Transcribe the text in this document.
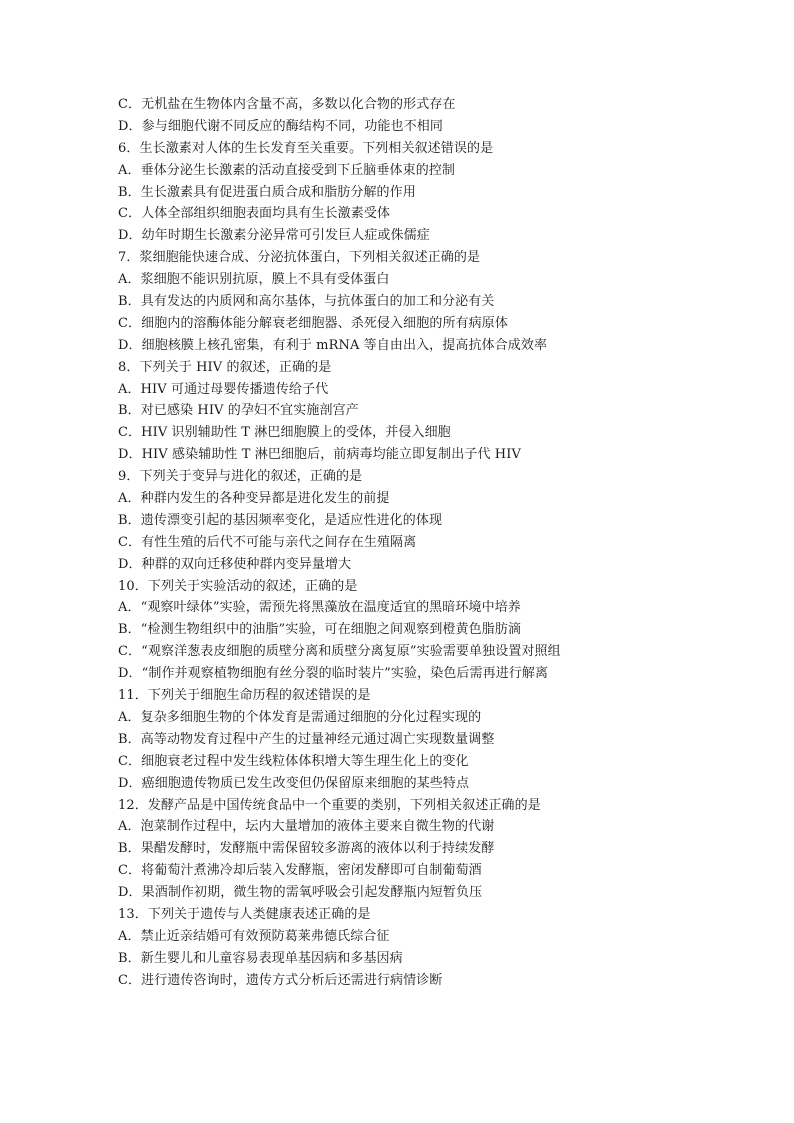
C．无机盐在生物体内含量不高，多数以化合物的形式存在
D．参与细胞代谢不同反应的酶结构不同，功能也不相同
6．生长激素对人体的生长发育至关重要。下列相关叙述错误的是
A．垂体分泌生长激素的活动直接受到下丘脑垂体束的控制
B．生长激素具有促进蛋白质合成和脂肪分解的作用
C．人体全部组织细胞表面均具有生长激素受体
D．幼年时期生长激素分泌异常可引发巨人症或侏儒症
7．浆细胞能快速合成、分泌抗体蛋白，下列相关叙述正确的是
A．浆细胞不能识别抗原，膜上不具有受体蛋白
B．具有发达的内质网和高尔基体，与抗体蛋白的加工和分泌有关
C．细胞内的溶酶体能分解衰老细胞器、杀死侵入细胞的所有病原体
D．细胞核膜上核孔密集，有利于 mRNA 等自由出入，提高抗体合成效率
8．下列关于 HIV 的叙述，正确的是
A．HIV 可通过母婴传播遗传给子代
B．对已感染 HIV 的孕妇不宜实施剖宫产
C．HIV 识别辅助性 T 淋巴细胞膜上的受体，并侵入细胞
D．HIV 感染辅助性 T 淋巴细胞后，前病毒均能立即复制出子代 HIV
9．下列关于变异与进化的叙述，正确的是
A．种群内发生的各种变异都是进化发生的前提
B．遗传漂变引起的基因频率变化，是适应性进化的体现
C．有性生殖的后代不可能与亲代之间存在生殖隔离
D．种群的双向迁移使种群内变异量增大
10．下列关于实验活动的叙述，正确的是
A．“观察叶绿体”实验，需预先将黑藻放在温度适宜的黑暗环境中培养
B．“检测生物组织中的油脂”实验，可在细胞之间观察到橙黄色脂肪滴
C．“观察洋葱表皮细胞的质壁分离和质壁分离复原”实验需要单独设置对照组
D．“制作并观察植物细胞有丝分裂的临时装片”实验，染色后需再进行解离
11．下列关于细胞生命历程的叙述错误的是
A．复杂多细胞生物的个体发育是需通过细胞的分化过程实现的
B．高等动物发育过程中产生的过量神经元通过凋亡实现数量调整
C．细胞衰老过程中发生线粒体体积增大等生理生化上的变化
D．癌细胞遗传物质已发生改变但仍保留原来细胞的某些特点
12．发酵产品是中国传统食品中一个重要的类别，下列相关叙述正确的是
A．泡菜制作过程中，坛内大量增加的液体主要来自微生物的代谢
B．果醋发酵时，发酵瓶中需保留较多游离的液体以利于持续发酵
C．将葡萄汁煮沸冷却后装入发酵瓶，密闭发酵即可自制葡萄酒
D．果酒制作初期，微生物的需氧呼吸会引起发酵瓶内短暂负压
13．下列关于遗传与人类健康表述正确的是
A．禁止近亲结婚可有效预防葛莱弗德氏综合征
B．新生婴儿和儿童容易表现单基因病和多基因病
C．进行遗传咨询时，遗传方式分析后还需进行病情诊断
